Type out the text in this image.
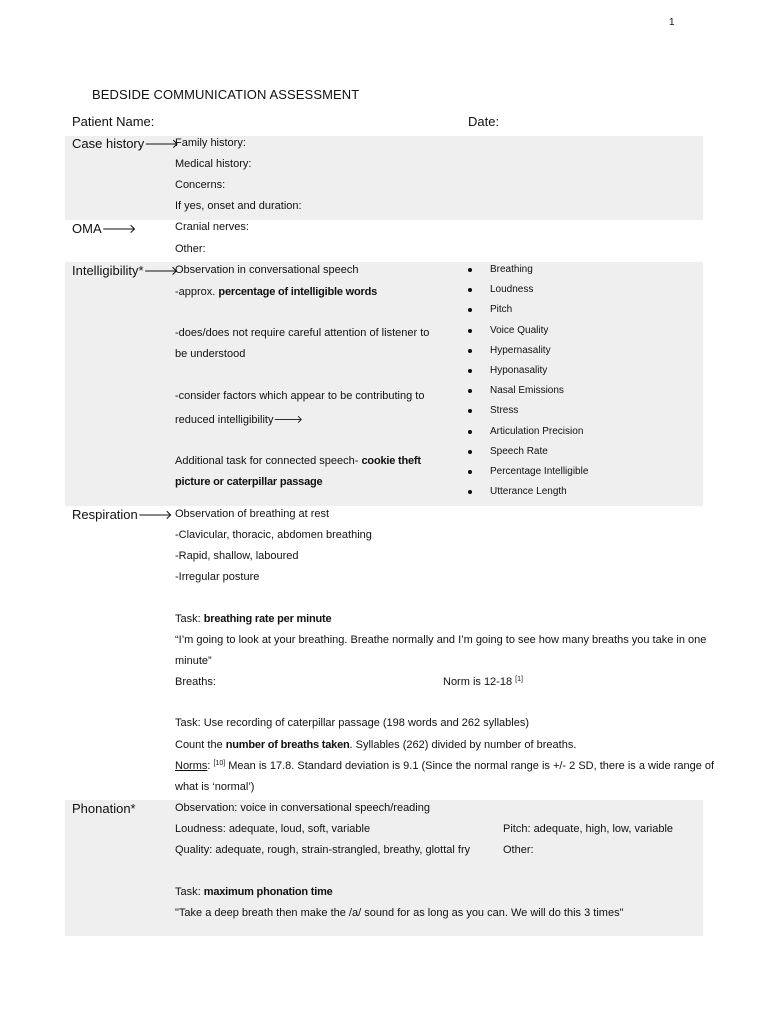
1
BEDSIDE COMMUNICATION ASSESSMENT
Patient Name:	Date:
Case history🡒
Family history:
Medical history:
Concerns:
If yes, onset and duration:
OMA🡒	Cranial nerves:
Other:
Intelligibility*🡒
Observation in conversational speech
-approx. percentage of intelligible words
-does/does not require careful attention of listener to
be understood
-consider factors which appear to be contributing to
reduced intelligibility🡒
Additional task for connected speech- cookie theft
picture or caterpillar passage
Breathing
Loudness
Pitch
Voice Quality
Hypernasality
Hyponasality
Nasal Emissions
Stress
Articulation Precision
Speech Rate
Percentage Intelligible
Utterance Length
Respiration🡒 Observation of breathing at rest
-Clavicular, thoracic, abdomen breathing
-Rapid, shallow, laboured
-Irregular posture
Task: breathing rate per minute
“I’m going to look at your breathing. Breathe normally and I’m going to see how many breaths you take in one
minute”
Breaths:	Norm is 12-18 [1]
Task: Use recording of caterpillar passage (198 words and 262 syllables)
Count the number of breaths taken. Syllables (262) divided by number of breaths.
Norms: [10] Mean is 17.8. Standard deviation is 9.1 (Since the normal range is +/- 2 SD, there is a wide range of
what is ‘normal’)
Phonation*	Observation: voice in conversational speech/reading
Loudness: adequate, loud, soft, variable	Pitch: adequate, high, low, variable
Quality: adequate, rough, strain-strangled, breathy, glottal fry	Other:
Task: maximum phonation time
"Take a deep breath then make the /a/ sound for as long as you can. We will do this 3 times"
